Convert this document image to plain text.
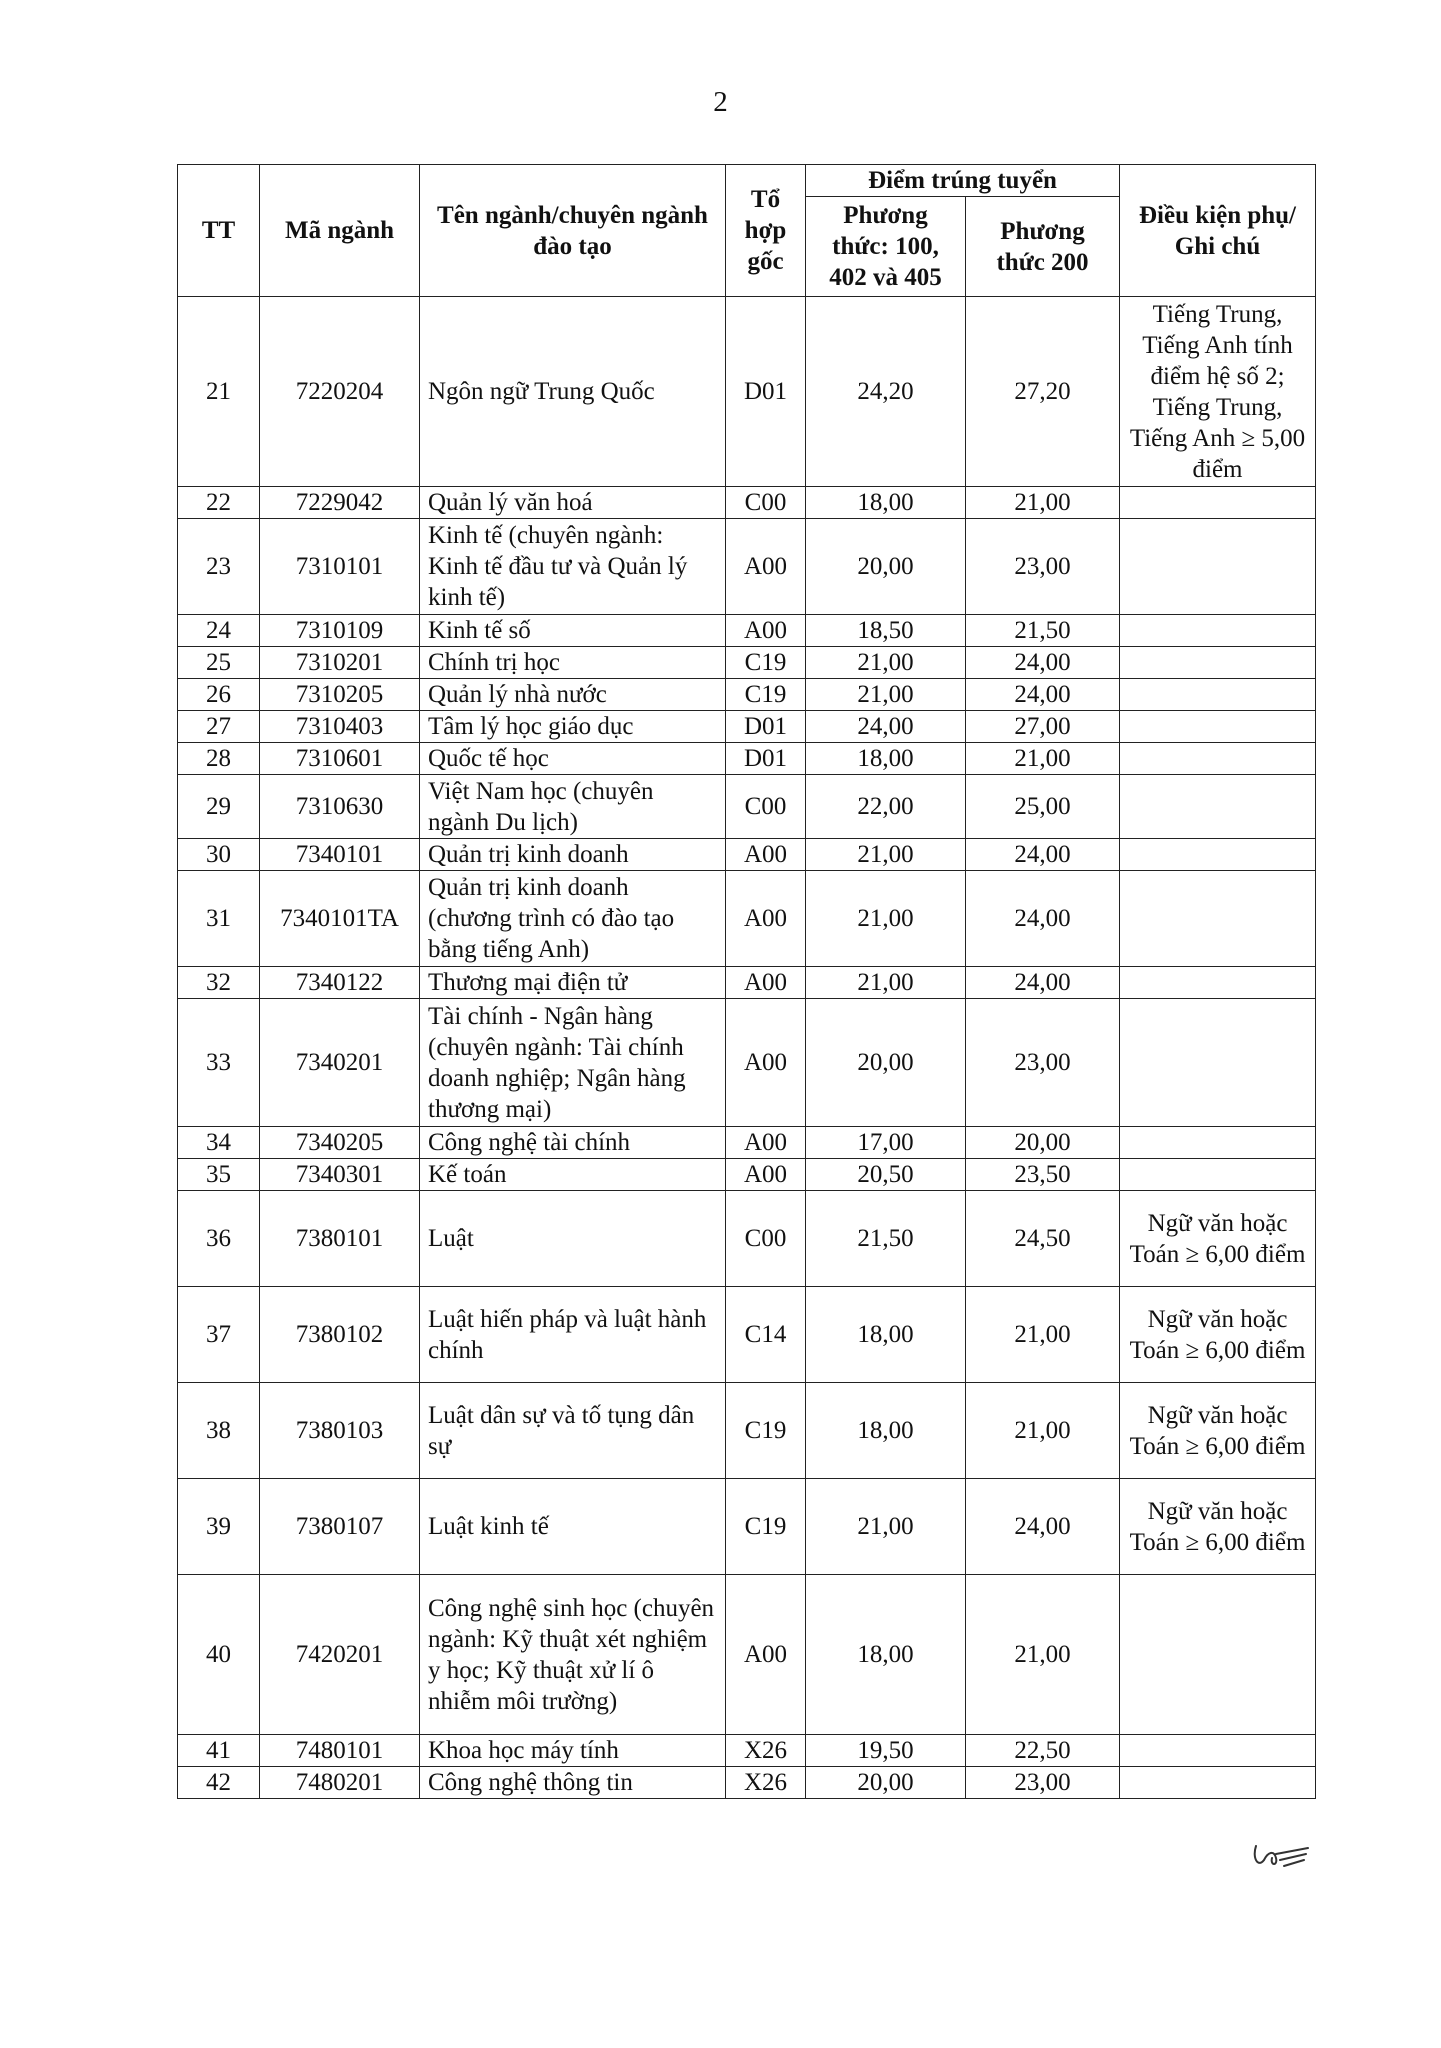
2
TT	Mã ngành	Tên ngành/chuyên ngành đào tạo	Tổ hợp gốc	Điểm trúng tuyển		Điều kiện phụ/ Ghi chú
				Phương thức: 100, 402 và 405	Phương thức 200	
21	7220204	Ngôn ngữ Trung Quốc	D01	24,20	27,20	Tiếng Trung, Tiếng Anh tính điểm hệ số 2; Tiếng Trung, Tiếng Anh ≥ 5,00 điểm
22	7229042	Quản lý văn hoá	C00	18,00	21,00	
23	7310101	Kinh tế (chuyên ngành: Kinh tế đầu tư và Quản lý kinh tế)	A00	20,00	23,00	
24	7310109	Kinh tế số	A00	18,50	21,50	
25	7310201	Chính trị học	C19	21,00	24,00	
26	7310205	Quản lý nhà nước	C19	21,00	24,00	
27	7310403	Tâm lý học giáo dục	D01	24,00	27,00	
28	7310601	Quốc tế học	D01	18,00	21,00	
29	7310630	Việt Nam học (chuyên ngành Du lịch)	C00	22,00	25,00	
30	7340101	Quản trị kinh doanh	A00	21,00	24,00	
31	7340101TA	Quản trị kinh doanh (chương trình có đào tạo bằng tiếng Anh)	A00	21,00	24,00	
32	7340122	Thương mại điện tử	A00	21,00	24,00	
33	7340201	Tài chính - Ngân hàng (chuyên ngành: Tài chính doanh nghiệp; Ngân hàng thương mại)	A00	20,00	23,00	
34	7340205	Công nghệ tài chính	A00	17,00	20,00	
35	7340301	Kế toán	A00	20,50	23,50	
36	7380101	Luật	C00	21,50	24,50	Ngữ văn hoặc Toán ≥ 6,00 điểm
37	7380102	Luật hiến pháp và luật hành chính	C14	18,00	21,00	Ngữ văn hoặc Toán ≥ 6,00 điểm
38	7380103	Luật dân sự và tố tụng dân sự	C19	18,00	21,00	Ngữ văn hoặc Toán ≥ 6,00 điểm
39	7380107	Luật kinh tế	C19	21,00	24,00	Ngữ văn hoặc Toán ≥ 6,00 điểm
40	7420201	Công nghệ sinh học (chuyên ngành: Kỹ thuật xét nghiệm y học; Kỹ thuật xử lí ô nhiễm môi trường)	A00	18,00	21,00	
41	7480101	Khoa học máy tính	X26	19,50	22,50	
42	7480201	Công nghệ thông tin	X26	20,00	23,00	
